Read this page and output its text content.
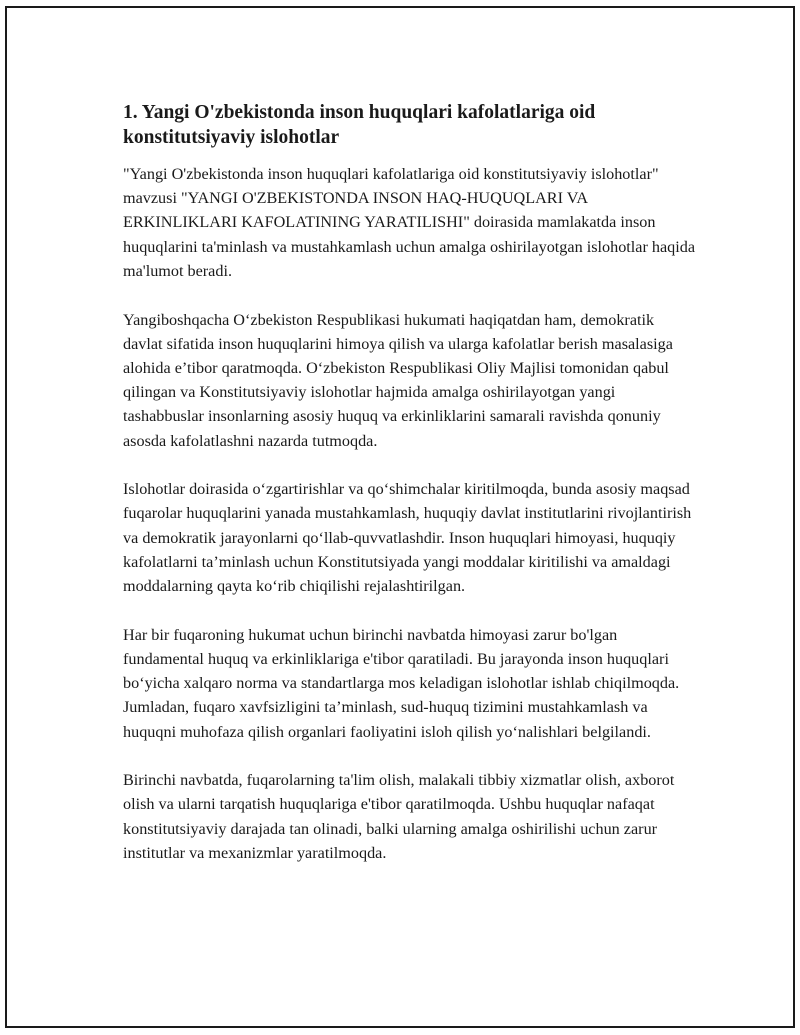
1. Yangi O'zbekistonda inson huquqlari kafolatlariga oid konstitutsiyaviy islohotlar

"Yangi O'zbekistonda inson huquqlari kafolatlariga oid konstitutsiyaviy islohotlar" mavzusi "YANGI O'ZBEKISTONDA INSON HAQ-HUQUQLARI VA ERKINLIKLARI KAFOLATINING YARATILISHI" doirasida mamlakatda inson huquqlarini ta'minlash va mustahkamlash uchun amalga oshirilayotgan islohotlar haqida ma'lumot beradi.

Yangiboshqacha O‘zbekiston Respublikasi hukumati haqiqatdan ham, demokratik davlat sifatida inson huquqlarini himoya qilish va ularga kafolatlar berish masalasiga alohida e’tibor qaratmoqda. O‘zbekiston Respublikasi Oliy Majlisi tomonidan qabul qilingan va Konstitutsiyaviy islohotlar hajmida amalga oshirilayotgan yangi tashabbuslar insonlarning asosiy huquq va erkinliklarini samarali ravishda qonuniy asosda kafolatlashni nazarda tutmoqda.

Islohotlar doirasida o‘zgartirishlar va qo‘shimchalar kiritilmoqda, bunda asosiy maqsad fuqarolar huquqlarini yanada mustahkamlash, huquqiy davlat institutlarini rivojlantirish va demokratik jarayonlarni qo‘llab-quvvatlashdir. Inson huquqlari himoyasi, huquqiy kafolatlarni ta’minlash uchun Konstitutsiyada yangi moddalar kiritilishi va amaldagi moddalarning qayta ko‘rib chiqilishi rejalashtirilgan.

Har bir fuqaroning hukumat uchun birinchi navbatda himoyasi zarur bo'lgan fundamental huquq va erkinliklariga e'tibor qaratiladi. Bu jarayonda inson huquqlari bo‘yicha xalqaro norma va standartlarga mos keladigan islohotlar ishlab chiqilmoqda. Jumladan, fuqaro xavfsizligini ta’minlash, sud-huquq tizimini mustahkamlash va huquqni muhofaza qilish organlari faoliyatini isloh qilish yo‘nalishlari belgilandi.

Birinchi navbatda, fuqarolarning ta'lim olish, malakali tibbiy xizmatlar olish, axborot olish va ularni tarqatish huquqlariga e'tibor qaratilmoqda. Ushbu huquqlar nafaqat konstitutsiyaviy darajada tan olinadi, balki ularning amalga oshirilishi uchun zarur institutlar va mexanizmlar yaratilmoqda.
